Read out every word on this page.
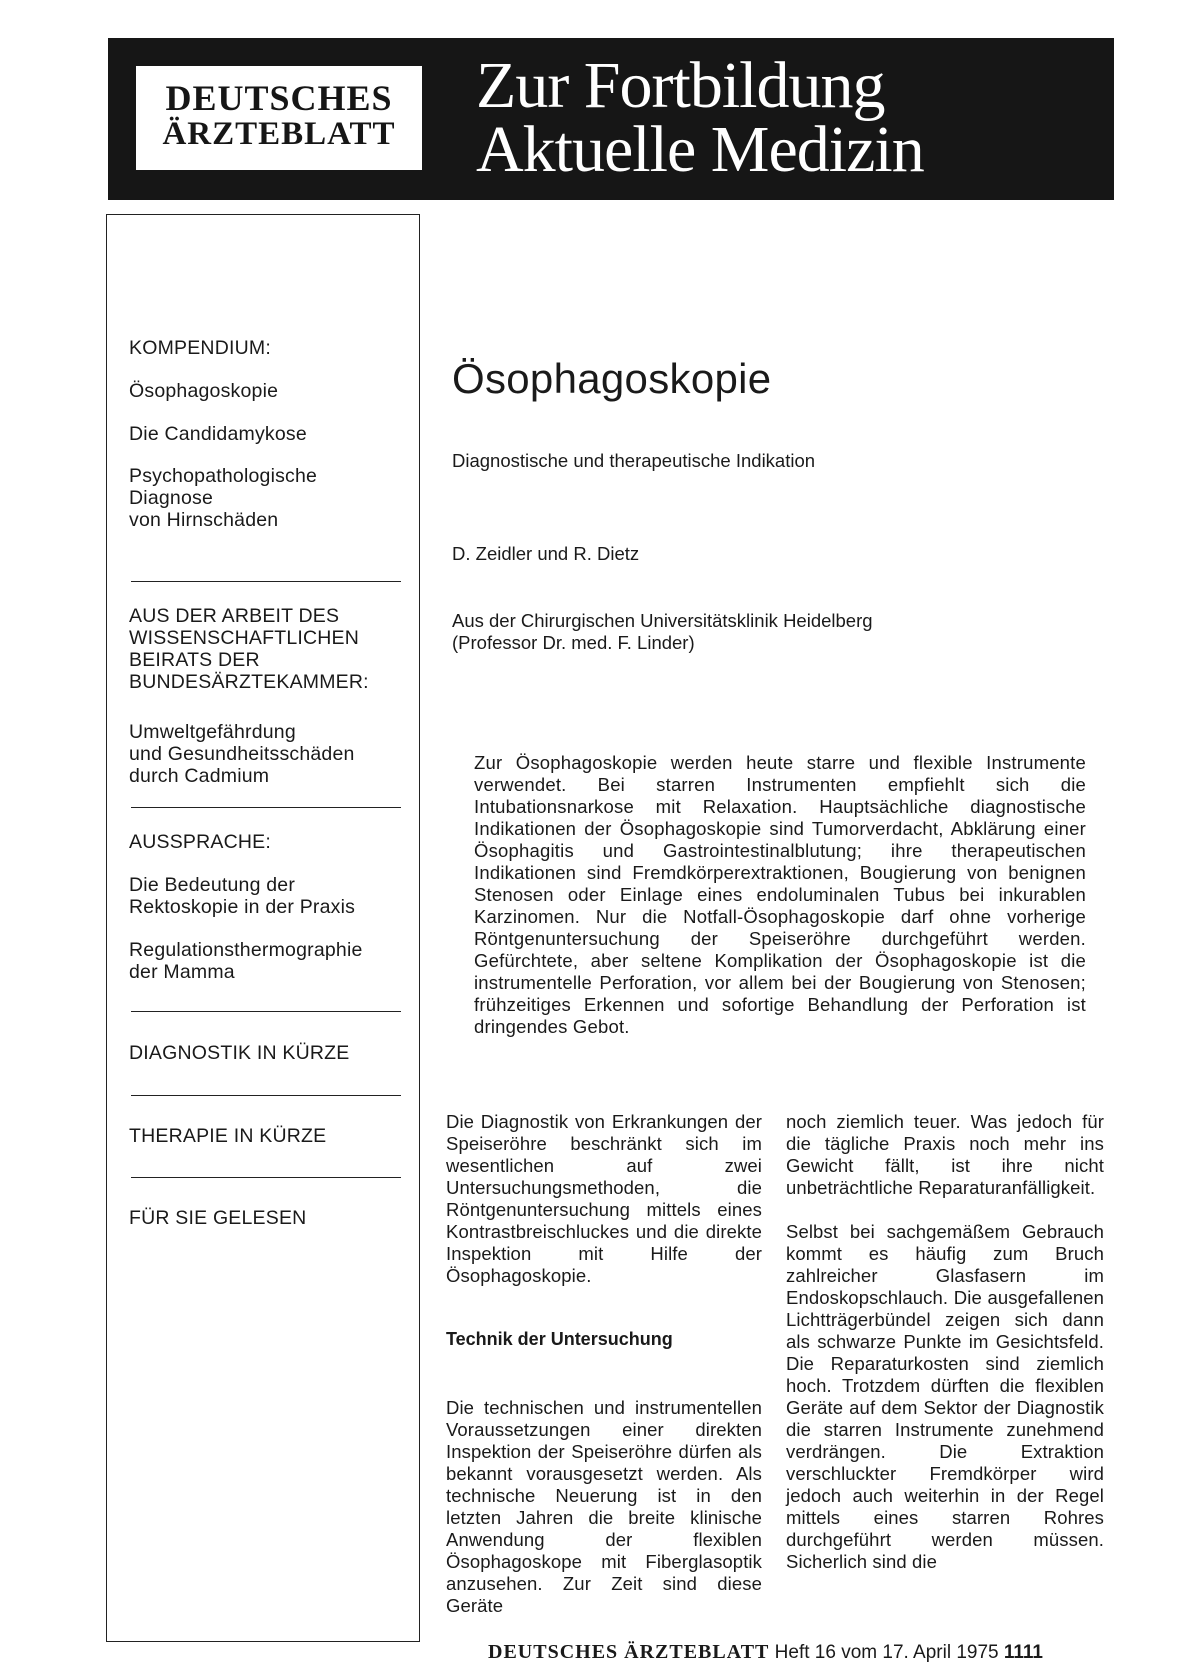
DEUTSCHES
ÄRZTEBLATT
Zur Fortbildung
Aktuelle Medizin
KOMPENDIUM:
Ösophagoskopie
Die Candidamykose
Psychopathologische
Diagnose
von Hirnschäden
AUS DER ARBEIT DES
WISSENSCHAFTLICHEN
BEIRATS DER
BUNDESÄRZTEKAMMER:
Umweltgefährdung
und Gesundheitsschäden
durch Cadmium
AUSSPRACHE:
Die Bedeutung der
Rektoskopie in der Praxis
Regulationsthermographie
der Mamma
DIAGNOSTIK IN KÜRZE
THERAPIE IN KÜRZE
FÜR SIE GELESEN
Ösophagoskopie
Diagnostische und therapeutische Indikation
D. Zeidler und R. Dietz
Aus der Chirurgischen Universitätsklinik Heidelberg
(Professor Dr. med. F. Linder)

Zur Ösophagoskopie werden heute starre und flexible Instrumente verwendet. Bei starren Instrumenten empfiehlt sich die Intubationsnarkose mit Relaxation. Hauptsächliche diagnostische Indikationen der Ösophagoskopie sind Tumorverdacht, Abklärung einer Ösophagitis und Gastrointestinalblutung; ihre therapeutischen Indikationen sind Fremdkörperextraktionen, Bougierung von benignen Stenosen oder Einlage eines endoluminalen Tubus bei inkurablen Karzinomen. Nur die Notfall-Ösophagoskopie darf ohne vorherige Röntgenuntersuchung der Speiseröhre durchgeführt werden. Gefürchtete, aber seltene Komplikation der Ösophagoskopie ist die instrumentelle Perforation, vor allem bei der Bougierung von Stenosen; frühzeitiges Erkennen und sofortige Behandlung der Perforation ist dringendes Gebot.

Die Diagnostik von Erkrankungen der Speiseröhre beschränkt sich im wesentlichen auf zwei Untersuchungsmethoden, die Röntgenuntersuchung mittels eines Kontrastbreischluckes und die direkte Inspektion mit Hilfe der Ösophagoskopie.

Die technischen und instrumentellen Voraussetzungen einer direkten Inspektion der Speiseröhre dürfen als bekannt vorausgesetzt werden. Als technische Neuerung ist in den letzten Jahren die breite klinische Anwendung der flexiblen Ösophagoskope mit Fiberglasoptik anzusehen. Zur Zeit sind diese Geräte

Technik der Untersuchung

noch ziemlich teuer. Was jedoch für die tägliche Praxis noch mehr ins Gewicht fällt, ist ihre nicht unbeträchtliche Reparaturanfälligkeit.

Selbst bei sachgemäßem Gebrauch kommt es häufig zum Bruch zahlreicher Glasfasern im Endoskopschlauch. Die ausgefallenen Lichtträgerbündel zeigen sich dann als schwarze Punkte im Gesichtsfeld. Die Reparaturkosten sind ziemlich hoch. Trotzdem dürften die flexiblen Geräte auf dem Sektor der Diagnostik die starren Instrumente zunehmend verdrängen. Die Extraktion verschluckter Fremdkörper wird jedoch auch weiterhin in der Regel mittels eines starren Rohres durchgeführt werden müssen. Sicherlich sind die

DEUTSCHES ÄRZTEBLATT Heft 16 vom 17. April 1975 1111
